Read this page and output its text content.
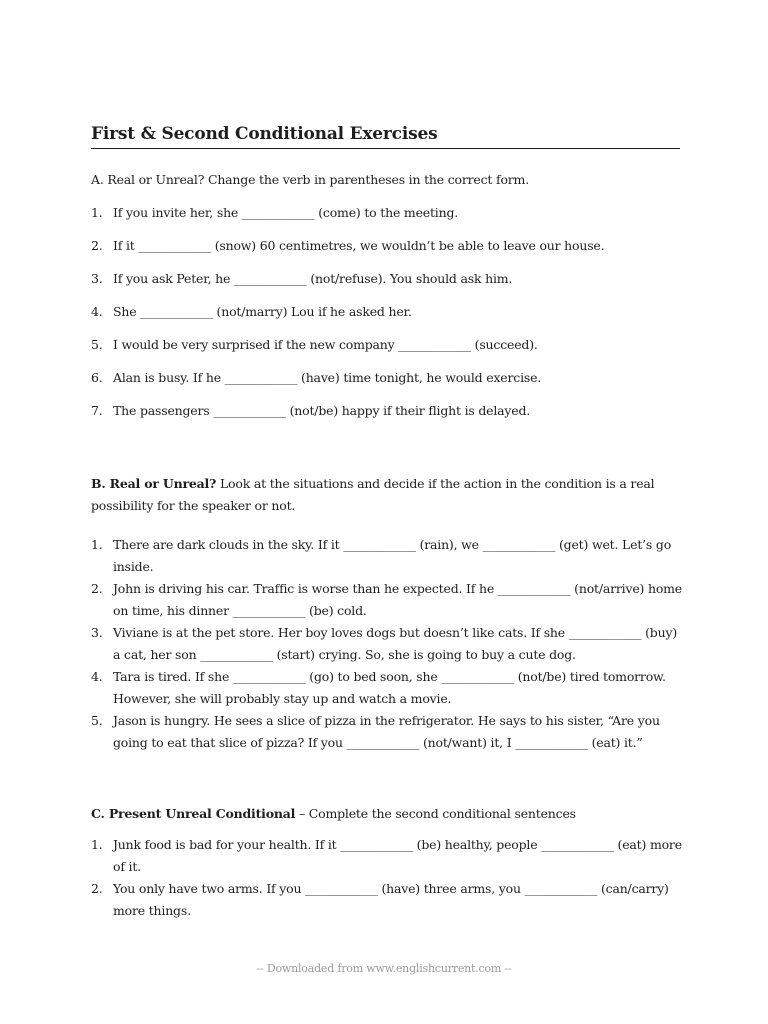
First & Second Conditional Exercises
A. Real or Unreal? Change the verb in parentheses in the correct form.
1. If you invite her, she ____________ (come) to the meeting.
2. If it ____________ (snow) 60 centimetres, we wouldn’t be able to leave our house.
3. If you ask Peter, he ____________ (not/refuse). You should ask him.
4. She ____________ (not/marry) Lou if he asked her.
5. I would be very surprised if the new company ____________ (succeed).
6. Alan is busy. If he ____________ (have) time tonight, he would exercise.
7. The passengers ____________ (not/be) happy if their flight is delayed.
B. Real or Unreal? Look at the situations and decide if the action in the condition is a real possibility for the speaker or not.
1. There are dark clouds in the sky. If it ____________ (rain), we ____________ (get) wet. Let’s go inside.
2. John is driving his car. Traffic is worse than he expected. If he ____________ (not/arrive) home on time, his dinner ____________ (be) cold.
3. Viviane is at the pet store. Her boy loves dogs but doesn’t like cats. If she ____________ (buy) a cat, her son ____________ (start) crying. So, she is going to buy a cute dog.
4. Tara is tired. If she ____________ (go) to bed soon, she ____________ (not/be) tired tomorrow. However, she will probably stay up and watch a movie.
5. Jason is hungry. He sees a slice of pizza in the refrigerator. He says to his sister, “Are you going to eat that slice of pizza? If you ____________ (not/want) it, I ____________ (eat) it.”
C. Present Unreal Conditional – Complete the second conditional sentences
1. Junk food is bad for your health. If it ____________ (be) healthy, people ____________ (eat) more of it.
2. You only have two arms. If you ____________ (have) three arms, you ____________ (can/carry) more things.
-- Downloaded from www.englishcurrent.com --
